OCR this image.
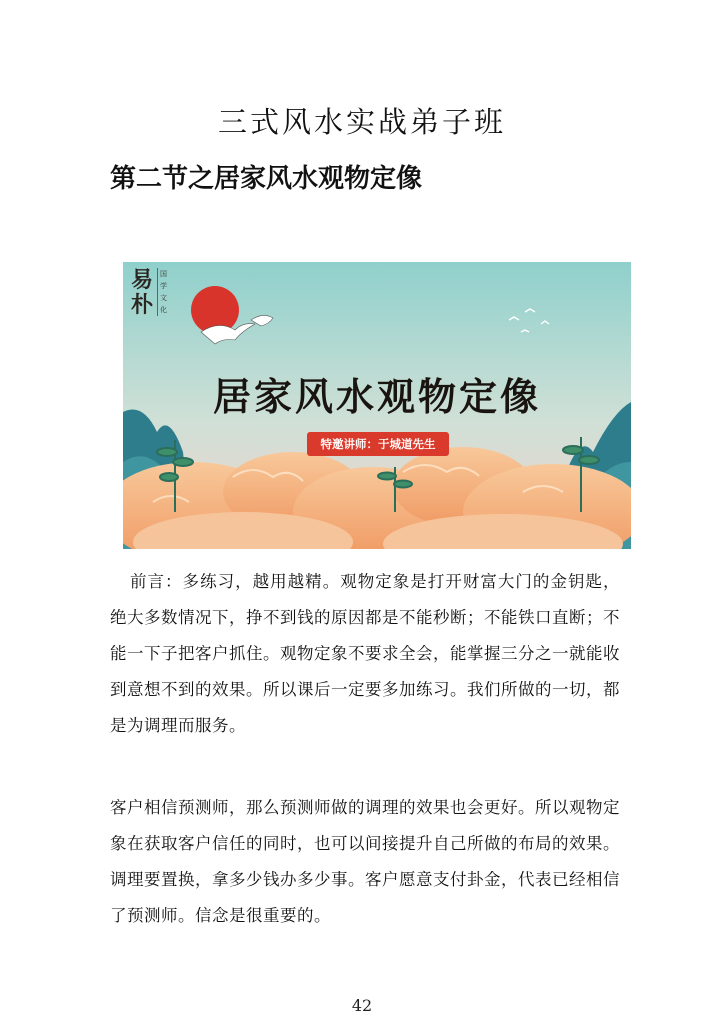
三式风水实战弟子班
第二节之居家风水观物定像
易朴
国学文化
居家风水观物定像
特邀讲师：于城道先生

前言：多练习，越用越精。观物定象是打开财富大门的金钥匙，绝大多数情况下，挣不到钱的原因都是不能秒断；不能铁口直断；不能一下子把客户抓住。观物定象不要求全会，能掌握三分之一就能收到意想不到的效果。所以课后一定要多加练习。我们所做的一切，都是为调理而服务。

客户相信预测师，那么预测师做的调理的效果也会更好。所以观物定象在获取客户信任的同时，也可以间接提升自己所做的布局的效果。调理要置换，拿多少钱办多少事。客户愿意支付卦金，代表已经相信了预测师。信念是很重要的。

42
